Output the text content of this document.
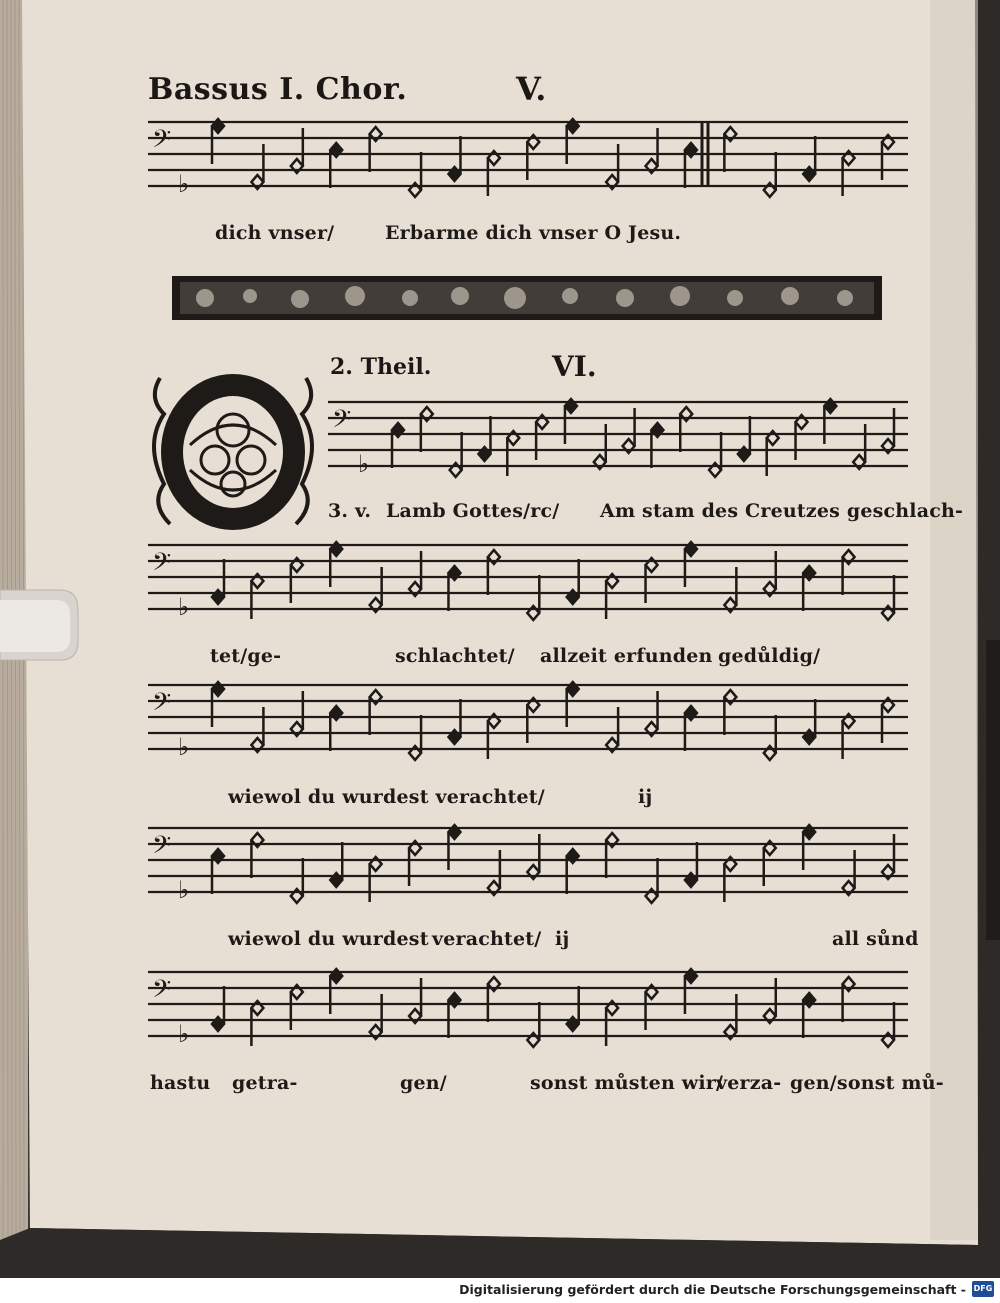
𝄢
♭
𝄢
♭
𝄢
♭
𝄢
♭
𝄢
♭
𝄢
♭
Bassus I. Chor.	V.
2. Theil.	VI.
dich vnser/	Erbarme dich vnser O Jesu.
3. v. Lamb Gottes/rc/ Am stam des Creutzes geschlach-
tet/ge-	schlachtet/ allzeit erfunden gedůldig/
wiewol du wurdest verachtet/	ij
wiewol du wurdest verachtet/ ij	all sůnd
hastu getra-	gen/	sonst můsten wir/
verza- gen/sonst mů-
Digitalisierung gefördert durch die Deutsche Forschungsgemeinschaft - DFG
